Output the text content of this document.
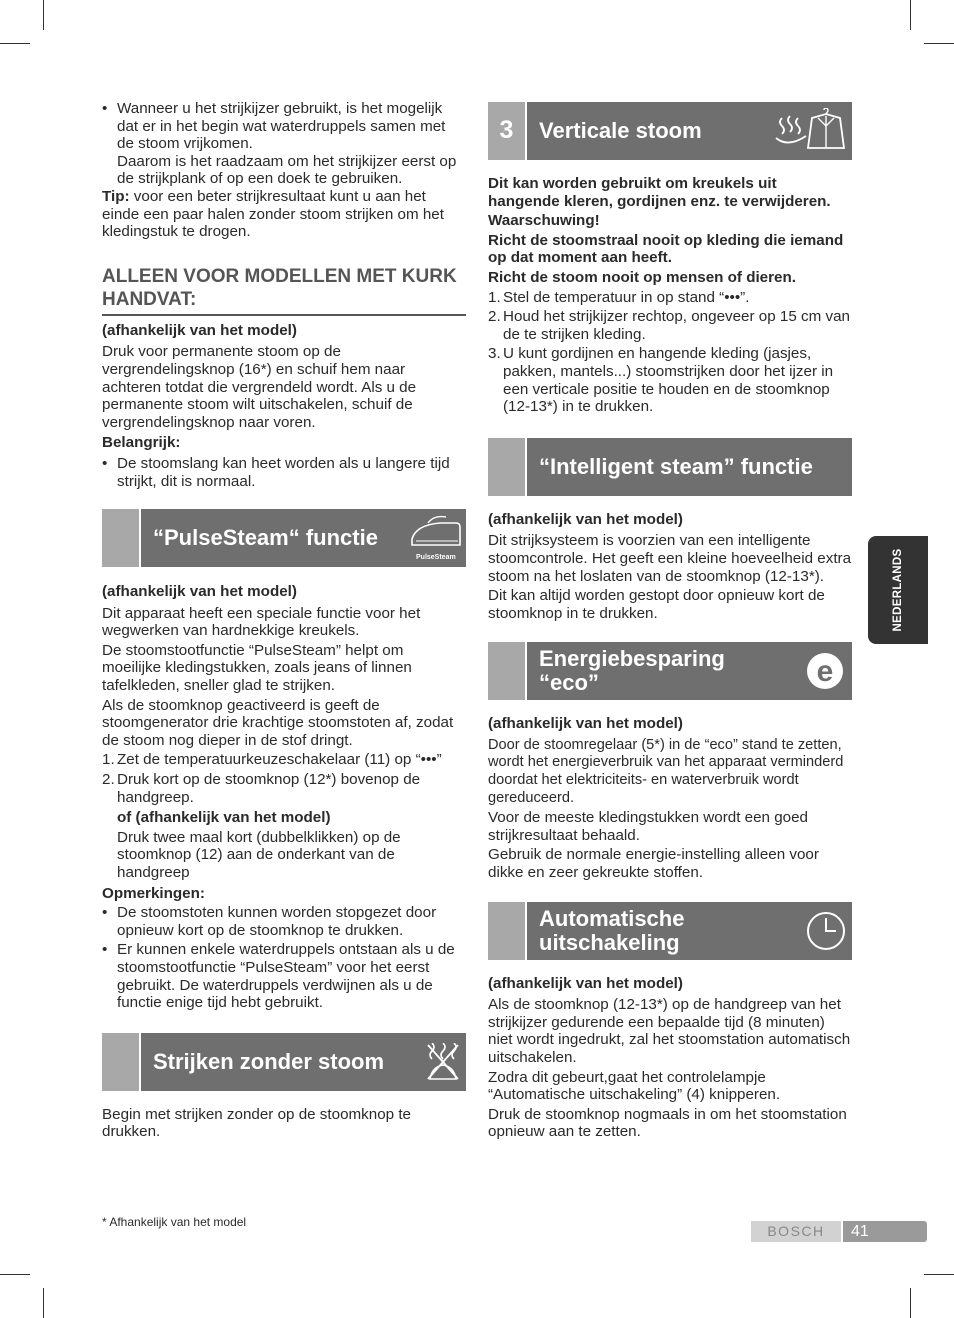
• Wanneer u het strijkijzer gebruikt, is het mogelijk dat er in het begin wat waterdruppels samen met de stoom vrijkomen.

Daarom is het raadzaam om het strijkijzer eerst op de strijkplank of op een doek te gebruiken.

Tip: voor een beter strijkresultaat kunt u aan het einde een paar halen zonder stoom strijken om het kledingstuk te drogen.

ALLEEN VOOR MODELLEN MET KURK HANDVAT:

(afhankelijk van het model)

Druk voor permanente stoom op de vergrendelingsknop (16*) en schuif hem naar achteren totdat die vergrendeld wordt. Als u de permanente stoom wilt uitschakelen, schuif de vergrendelingsknop naar voren.

Belangrijk:

• De stoomslang kan heet worden als u langere tijd strijkt, dit is normaal.

“PulseSteam“ functie
PulseSteam

(afhankelijk van het model)

Dit apparaat heeft een speciale functie voor het wegwerken van hardnekkige kreukels.

De stoomstootfunctie “PulseSteam” helpt om moeilijke kledingstukken, zoals jeans of linnen tafelkleden, sneller glad te strijken.

Als de stoomknop geactiveerd is geeft de stoomgenerator drie krachtige stoomstoten af, zodat de stoom nog dieper in de stof dringt.

1. Zet de temperatuurkeuzeschakelaar (11) op “•••”

2. Druk kort op de stoomknop (12*) bovenop de handgreep.

of (afhankelijk van het model)

Druk twee maal kort (dubbelklikken) op de stoomknop (12) aan de onderkant van de handgreep

Opmerkingen:

• De stoomstoten kunnen worden stopgezet door opnieuw kort op de stoomknop te drukken.

• Er kunnen enkele waterdruppels ontstaan als u de stoomstootfunctie “PulseSteam” voor het eerst gebruikt. De waterdruppels verdwijnen als u de functie enige tijd hebt gebruikt.

Strijken zonder stoom

Begin met strijken zonder op de stoomknop te drukken.

3	Verticale stoom

Dit kan worden gebruikt om kreukels uit hangende kleren, gordijnen enz. te verwijderen.

Waarschuwing!

Richt de stoomstraal nooit op kleding die iemand op dat moment aan heeft.

Richt de stoom nooit op mensen of dieren.

1. Stel de temperatuur in op stand “•••”.

2. Houd het strijkijzer rechtop, ongeveer op 15 cm van de te strijken kleding.

3. U kunt gordijnen en hangende kleding (jasjes, pakken, mantels...) stoomstrijken door het ijzer in een verticale positie te houden en de stoomknop (12-13*) in te drukken.

“Intelligent steam” functie

(afhankelijk van het model)

Dit strijksysteem is voorzien van een intelligente stoomcontrole. Het geeft een kleine hoeveelheid extra stoom na het loslaten van de stoomknop (12-13*).

Dit kan altijd worden gestopt door opnieuw kort de stoomknop in te drukken.

Energiebesparing
“eco”	e

(afhankelijk van het model)

Door de stoomregelaar (5*) in de “eco” stand te zetten, wordt het energieverbruik van het apparaat verminderd doordat het elektriciteits- en waterverbruik wordt gereduceerd.

Voor de meeste kledingstukken wordt een goed strijkresultaat behaald.

Gebruik de normale energie-instelling alleen voor dikke en zeer gekreukte stoffen.

Automatische
uitschakeling

(afhankelijk van het model)

Als de stoomknop (12-13*) op de handgreep van het strijkijzer gedurende een bepaalde tijd (8 minuten) niet wordt ingedrukt, zal het stoomstation automatisch uitschakelen.

Zodra dit gebeurt,gaat het controlelampje “Automatische uitschakeling” (4) knipperen.

Druk de stoomknop nogmaals in om het stoomstation opnieuw aan te zetten.

NEDERLANDS
* Afhankelijk van het model
BOSCH	41
